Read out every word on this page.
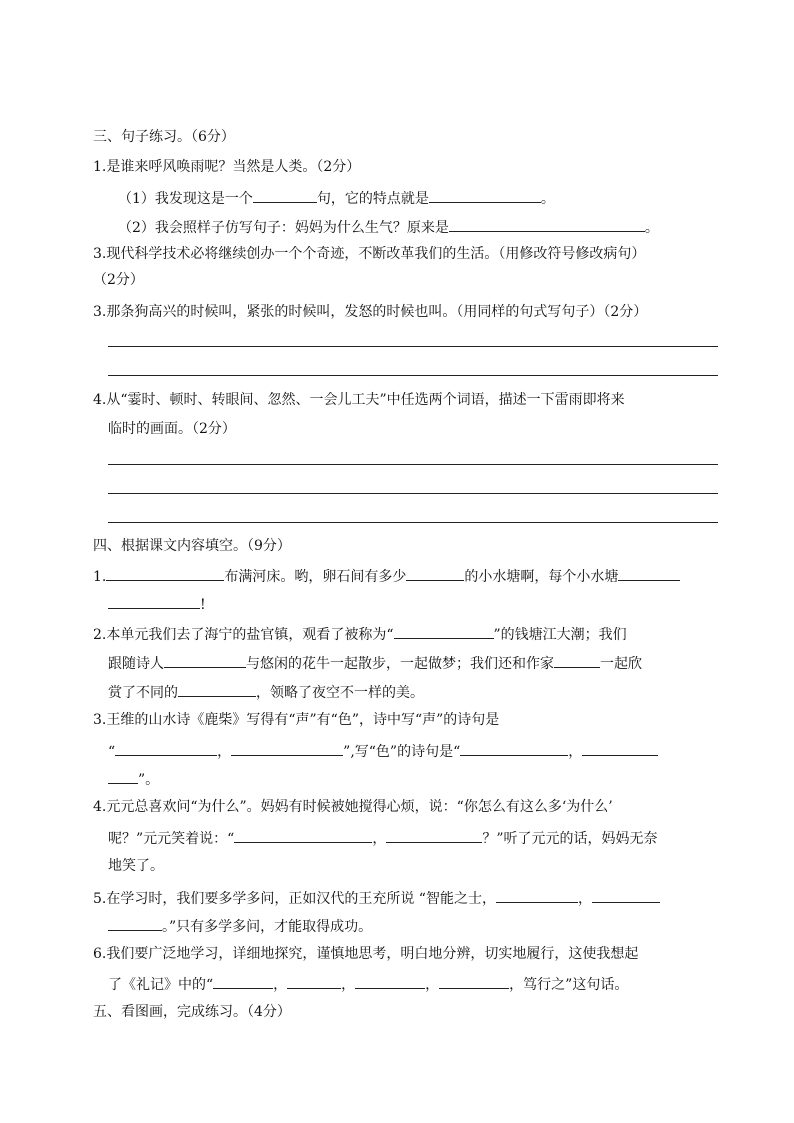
三、句子练习。（6分）
1.是谁来呼风唤雨呢？当然是人类。（2分）
（1）我发现这是一个	句，它的特点就是	。
（2）我会照样子仿写句子：妈妈为什么生气？原来是	。
3.现代科学技术必将继续创办一个个奇迹，不断改革我们的生活。（用修改符号修改病句）
（2分）
3.那条狗高兴的时候叫，紧张的时候叫，发怒的时候也叫。（用同样的句式写句子）（2分）
4.从“霎时、顿时、转眼间、忽然、一会儿工夫”中任选两个词语，描述一下雷雨即将来
临时的画面。（2分）
四、根据课文内容填空。（9分）
1.	布满河床。哟，卵石间有多少	的小水塘啊，每个小水塘
!
2.本单元我们去了海宁的盐官镇，观看了被称为“	”的钱塘江大潮；我们
跟随诗人	与悠闲的花牛一起散步，一起做梦；我们还和作家	一起欣
赏了不同的	，领略了夜空不一样的美。
3.王维的山水诗《鹿柴》写得有“声”有“色”，诗中写“声”的诗句是
“	，	”,写“色”的诗句是“	，
”。
4.元元总喜欢问“为什么”。妈妈有时候被她搅得心烦，说：“你怎么有这么多‘为什么’
呢？”元元笑着说：“	，	？”听了元元的话，妈妈无奈
地笑了。
5.在学习时，我们要多学多问，正如汉代的王充所说 “智能之士，	，
。”只有多学多问，才能取得成功。
6.我们要广泛地学习，详细地探究，谨慎地思考，明白地分辨，切实地履行，这使我想起
了《礼记》中的“	，	，	，	，笃行之”这句话。
五、看图画，完成练习。（4分）
